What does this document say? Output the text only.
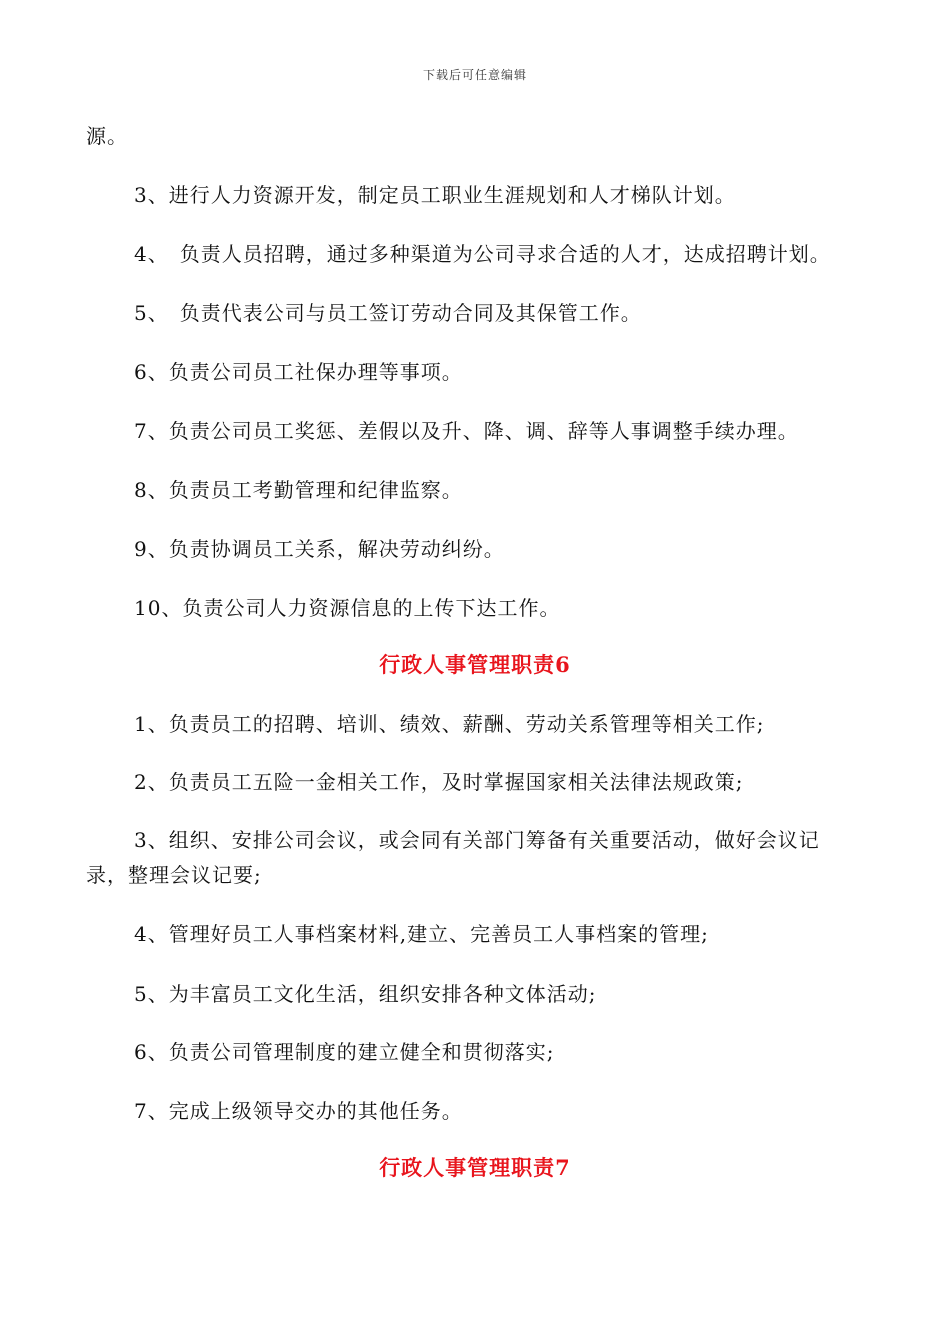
下载后可任意编辑
源。
3、进行人力资源开发，制定员工职业生涯规划和人才梯队计划。
4、　负责人员招聘，通过多种渠道为公司寻求合适的人才，达成招聘计划。
5、　负责代表公司与员工签订劳动合同及其保管工作。
6、负责公司员工社保办理等事项。
7、负责公司员工奖惩、差假以及升、降、调、辞等人事调整手续办理。
8、负责员工考勤管理和纪律监察。
9、负责协调员工关系，解决劳动纠纷。
10、负责公司人力资源信息的上传下达工作。
行政人事管理职责6
1、负责员工的招聘、培训、绩效、薪酬、劳动关系管理等相关工作;
2、负责员工五险一金相关工作，及时掌握国家相关法律法规政策;
3、组织、安排公司会议，或会同有关部门筹备有关重要活动，做好会议记
录，整理会议记要;
4、管理好员工人事档案材料,建立、完善员工人事档案的管理;
5、为丰富员工文化生活，组织安排各种文体活动;
6、负责公司管理制度的建立健全和贯彻落实;
7、完成上级领导交办的其他任务。
行政人事管理职责7
